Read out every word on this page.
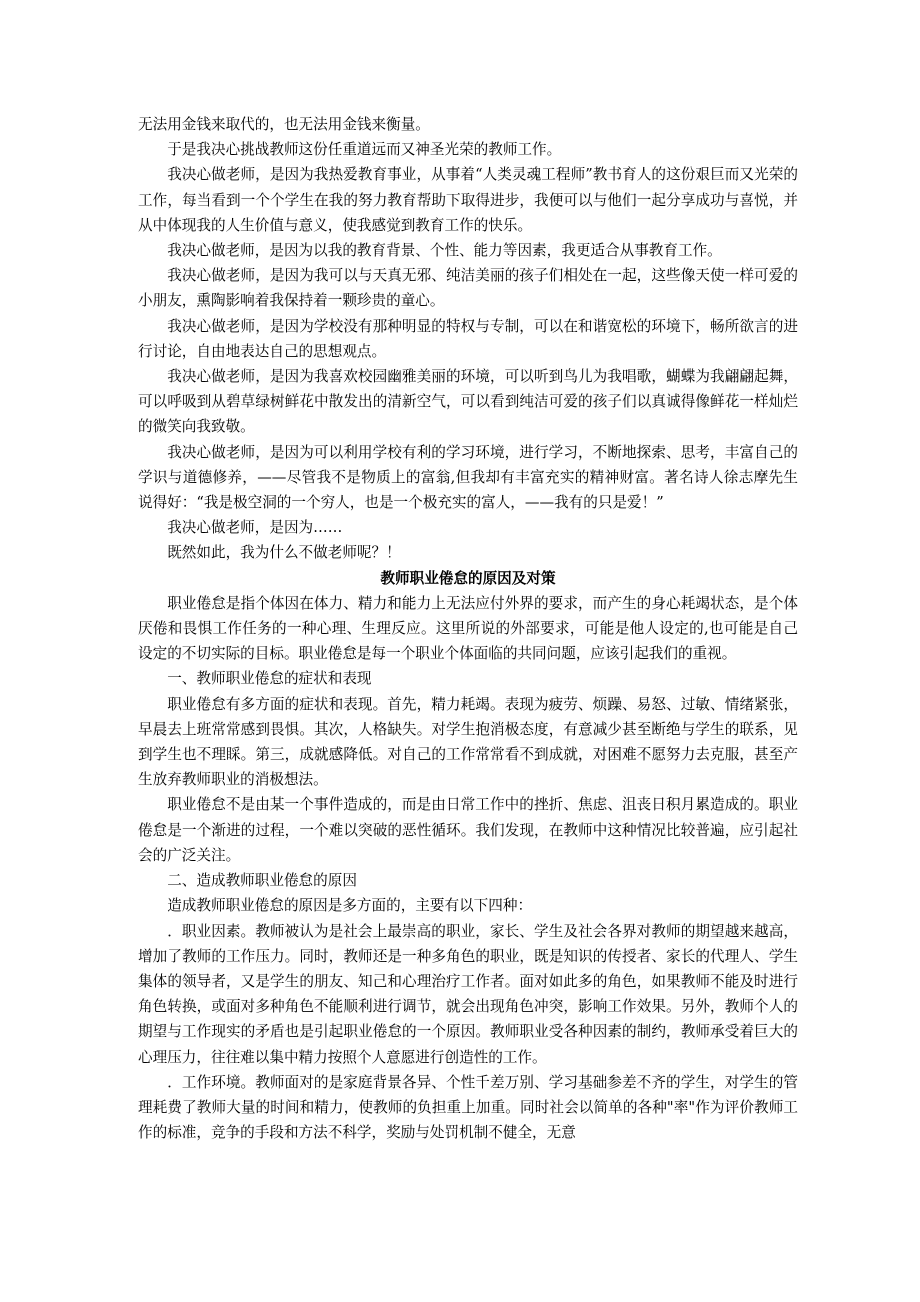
无法用金钱来取代的，也无法用金钱来衡量。

于是我决心挑战教师这份任重道远而又神圣光荣的教师工作。

我决心做老师，是因为我热爱教育事业，从事着“人类灵魂工程师”教书育人的这份艰巨而又光荣的工作，每当看到一个个学生在我的努力教育帮助下取得进步，我便可以与他们一起分享成功与喜悦，并从中体现我的人生价值与意义，使我感觉到教育工作的快乐。

我决心做老师，是因为以我的教育背景、个性、能力等因素，我更适合从事教育工作。

我决心做老师，是因为我可以与天真无邪、纯洁美丽的孩子们相处在一起，这些像天使一样可爱的小朋友，熏陶影响着我保持着一颗珍贵的童心。

我决心做老师，是因为学校没有那种明显的特权与专制，可以在和谐宽松的环境下，畅所欲言的进行讨论，自由地表达自己的思想观点。

我决心做老师，是因为我喜欢校园幽雅美丽的环境，可以听到鸟儿为我唱歌，蝴蝶为我翩翩起舞，可以呼吸到从碧草绿树鲜花中散发出的清新空气，可以看到纯洁可爱的孩子们以真诚得像鲜花一样灿烂的微笑向我致敬。

我决心做老师，是因为可以利用学校有利的学习环境，进行学习，不断地探索、思考，丰富自己的学识与道德修养，——尽管我不是物质上的富翁,但我却有丰富充实的精神财富。著名诗人徐志摩先生说得好：“我是极空洞的一个穷人，也是一个极充实的富人，——我有的只是爱！”

我决心做老师，是因为……

既然如此，我为什么不做老师呢？！

教师职业倦怠的原因及对策

职业倦怠是指个体因在体力、精力和能力上无法应付外界的要求，而产生的身心耗竭状态，是个体厌倦和畏惧工作任务的一种心理、生理反应。这里所说的外部要求，可能是他人设定的,也可能是自己设定的不切实际的目标。职业倦怠是每一个职业个体面临的共同问题，应该引起我们的重视。

一、教师职业倦怠的症状和表现

职业倦怠有多方面的症状和表现。首先，精力耗竭。表现为疲劳、烦躁、易怒、过敏、情绪紧张，早晨去上班常常感到畏惧。其次，人格缺失。对学生抱消极态度，有意减少甚至断绝与学生的联系，见到学生也不理睬。第三，成就感降低。对自己的工作常常看不到成就，对困难不愿努力去克服，甚至产生放弃教师职业的消极想法。

职业倦怠不是由某一个事件造成的，而是由日常工作中的挫折、焦虑、沮丧日积月累造成的。职业倦怠是一个渐进的过程，一个难以突破的恶性循环。我们发现，在教师中这种情况比较普遍，应引起社会的广泛关注。

二、造成教师职业倦怠的原因

造成教师职业倦怠的原因是多方面的，主要有以下四种：

．职业因素。教师被认为是社会上最崇高的职业，家长、学生及社会各界对教师的期望越来越高，增加了教师的工作压力。同时，教师还是一种多角色的职业，既是知识的传授者、家长的代理人、学生集体的领导者，又是学生的朋友、知己和心理治疗工作者。面对如此多的角色，如果教师不能及时进行角色转换，或面对多种角色不能顺利进行调节，就会出现角色冲突，影响工作效果。另外，教师个人的期望与工作现实的矛盾也是引起职业倦怠的一个原因。教师职业受各种因素的制约，教师承受着巨大的心理压力，往往难以集中精力按照个人意愿进行创造性的工作。

．工作环境。教师面对的是家庭背景各异、个性千差万别、学习基础参差不齐的学生，对学生的管理耗费了教师大量的时间和精力，使教师的负担重上加重。同时社会以简单的各种"率"作为评价教师工作的标准，竞争的手段和方法不科学，奖励与处罚机制不健全，无意
